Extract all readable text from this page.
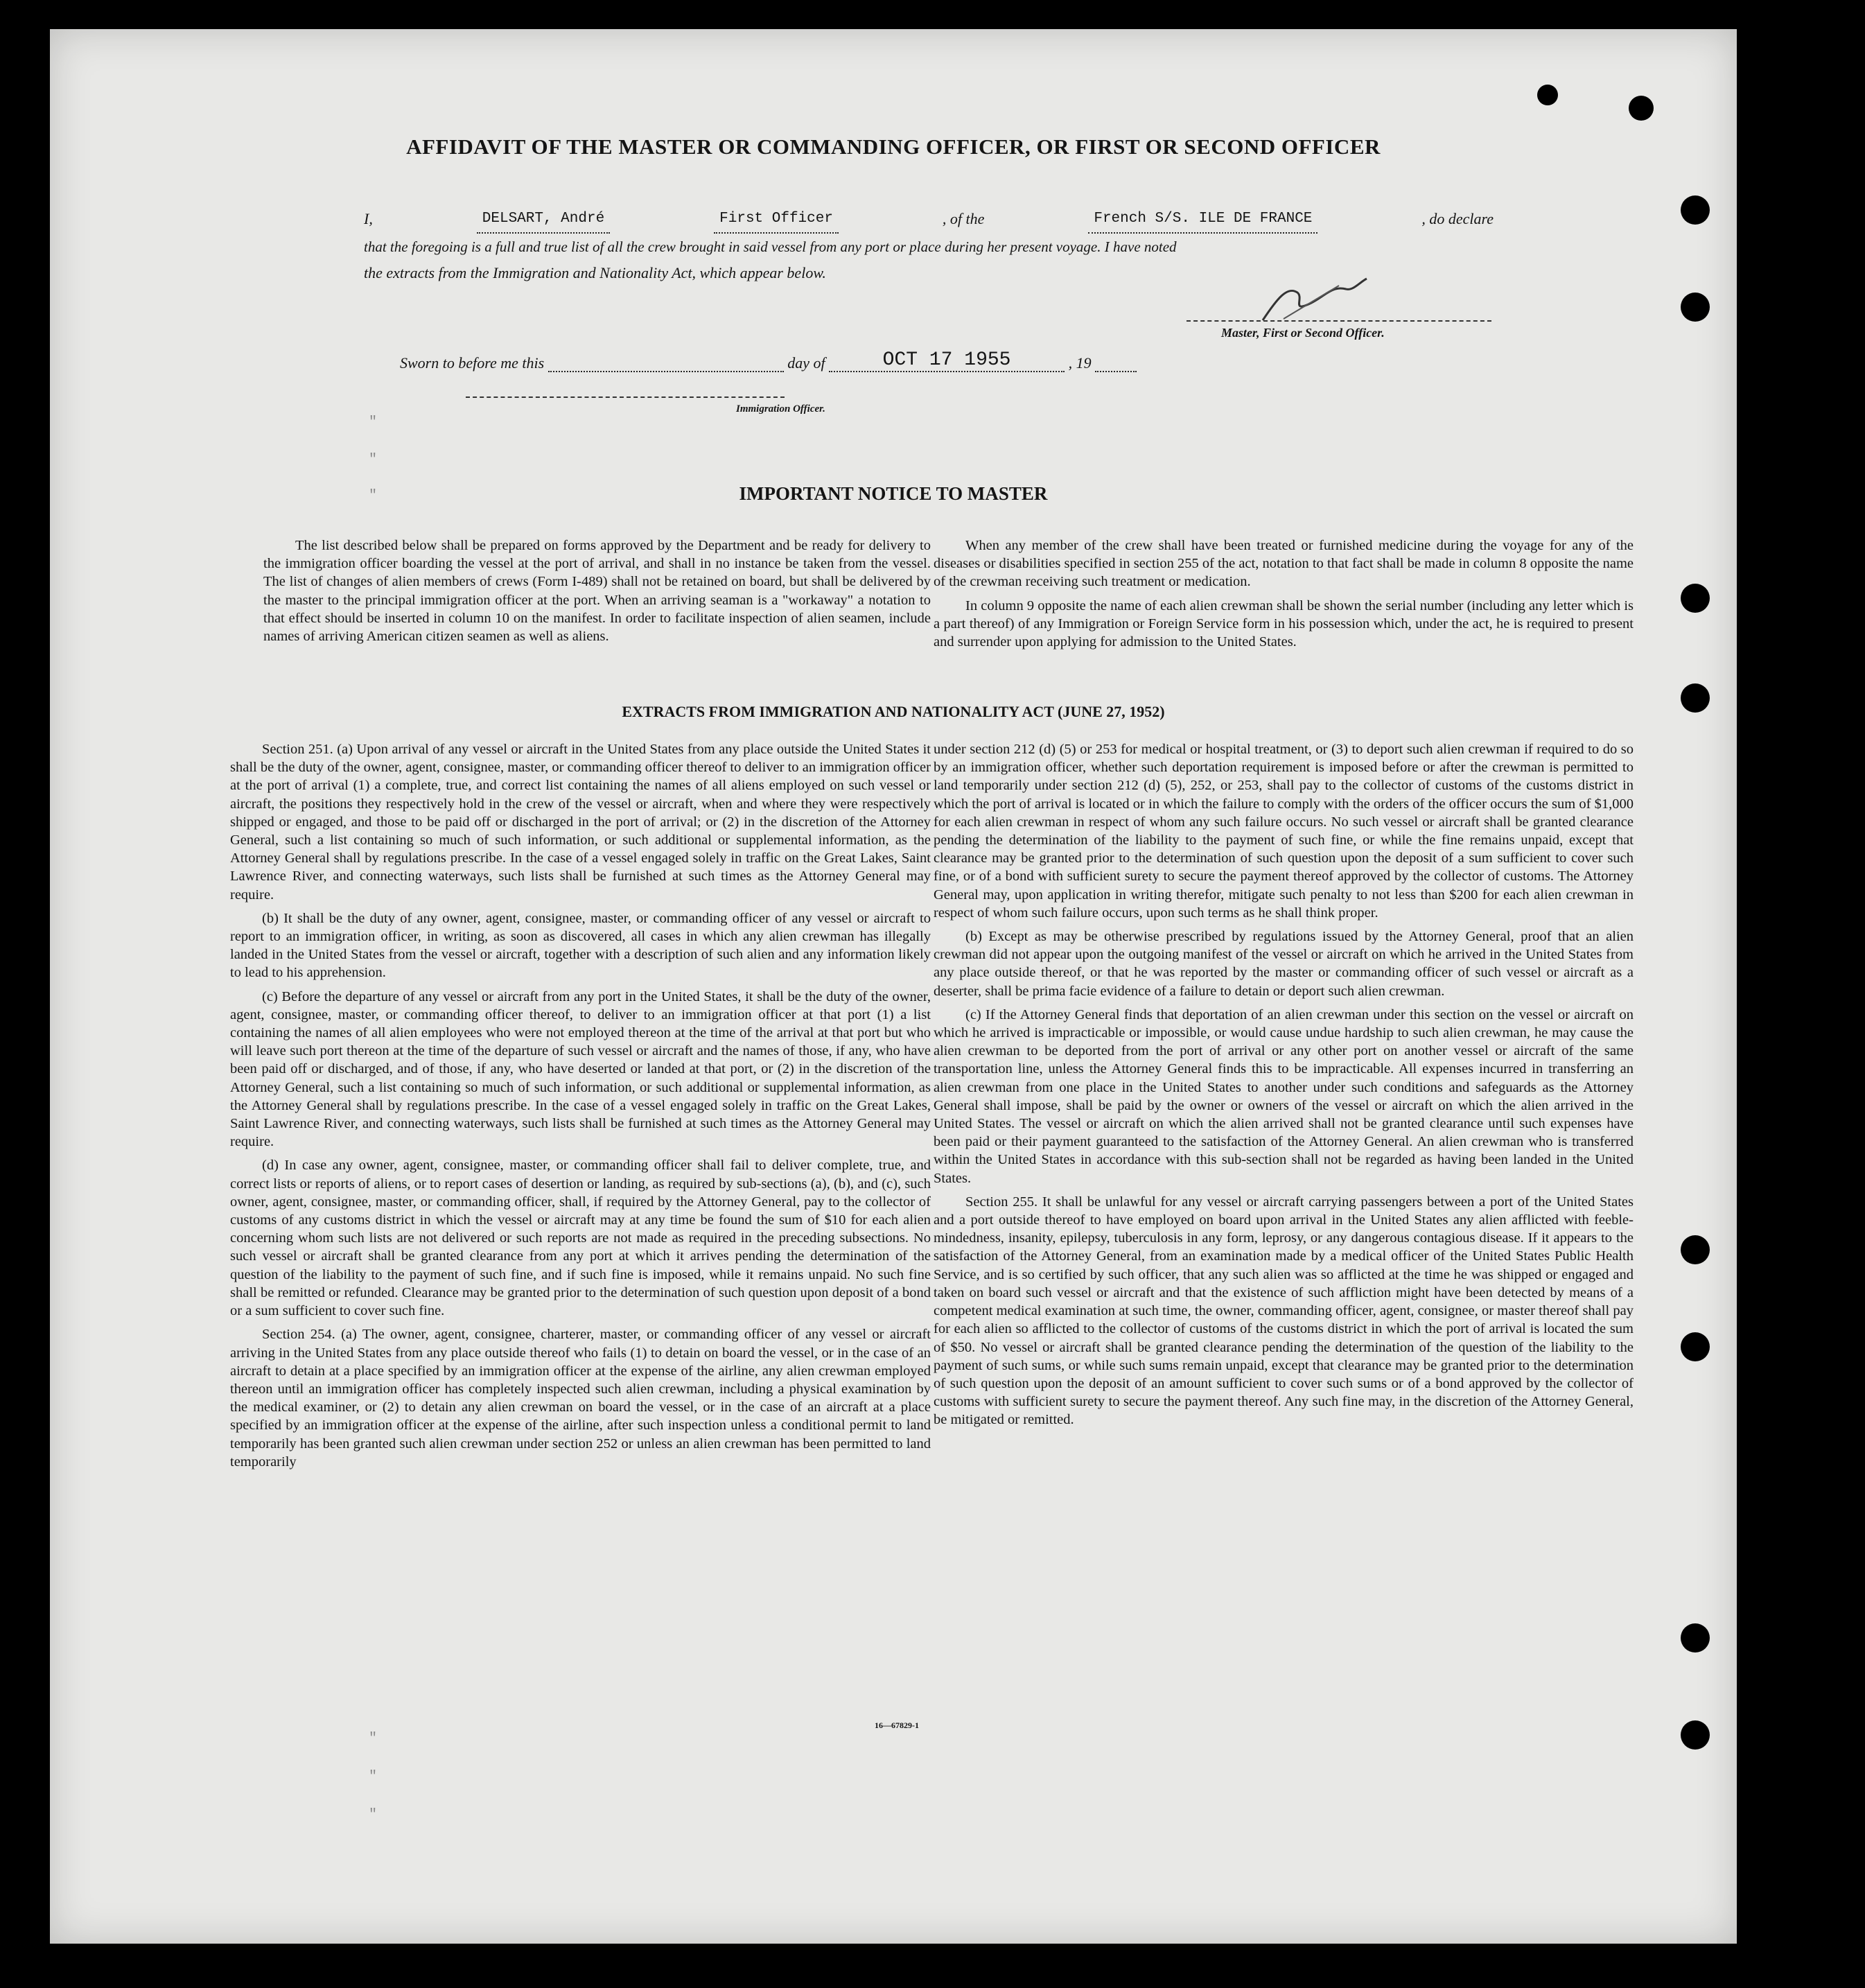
AFFIDAVIT OF THE MASTER OR COMMANDING OFFICER, OR FIRST OR SECOND OFFICER
I,	DELSART, André	First Officer	, of the	French S/S. ILE DE FRANCE	, do declare
that the foregoing is a full and true list of all the crew brought in said vessel from any port or place during her present voyage. I have noted
the extracts from the Immigration and Nationality Act, which appear below.
Master, First or Second Officer.
Sworn to before me this	day of	OCT 17 1955	, 19
Immigration Officer.
"
"
"
"
"
"
IMPORTANT NOTICE TO MASTER

The list described below shall be prepared on forms approved by the Department and be ready for delivery to the immigration officer boarding the vessel at the port of arrival, and shall in no instance be taken from the vessel. The list of changes of alien members of crews (Form I-489) shall not be retained on board, but shall be delivered by the master to the principal immigration officer at the port. When an arriving seaman is a "workaway" a notation to that effect should be inserted in column 10 on the manifest. In order to facilitate inspection of alien seamen, include names of arriving American citizen seamen as well as aliens.

When any member of the crew shall have been treated or furnished medicine during the voyage for any of the diseases or disabilities specified in section 255 of the act, notation to that fact shall be made in column 8 opposite the name of the crewman receiving such treatment or medication.

In column 9 opposite the name of each alien crewman shall be shown the serial number (including any letter which is a part thereof) of any Immigration or Foreign Service form in his possession which, under the act, he is required to present and surrender upon applying for admission to the United States.

EXTRACTS FROM IMMIGRATION AND NATIONALITY ACT (JUNE 27, 1952)

Section 251. (a) Upon arrival of any vessel or aircraft in the United States from any place outside the United States it shall be the duty of the owner, agent, consignee, master, or commanding officer thereof to deliver to an immigration officer at the port of arrival (1) a complete, true, and correct list containing the names of all aliens employed on such vessel or aircraft, the positions they respectively hold in the crew of the vessel or aircraft, when and where they were respectively shipped or engaged, and those to be paid off or discharged in the port of arrival; or (2) in the discretion of the Attorney General, such a list containing so much of such information, or such additional or supplemental information, as the Attorney General shall by regulations prescribe. In the case of a vessel engaged solely in traffic on the Great Lakes, Saint Lawrence River, and connecting waterways, such lists shall be furnished at such times as the Attorney General may require.

(b) It shall be the duty of any owner, agent, consignee, master, or commanding officer of any vessel or aircraft to report to an immigration officer, in writing, as soon as discovered, all cases in which any alien crewman has illegally landed in the United States from the vessel or aircraft, together with a description of such alien and any information likely to lead to his apprehension.

(c) Before the departure of any vessel or aircraft from any port in the United States, it shall be the duty of the owner, agent, consignee, master, or commanding officer thereof, to deliver to an immigration officer at that port (1) a list containing the names of all alien employees who were not employed thereon at the time of the arrival at that port but who will leave such port thereon at the time of the departure of such vessel or aircraft and the names of those, if any, who have been paid off or discharged, and of those, if any, who have deserted or landed at that port, or (2) in the discretion of the Attorney General, such a list containing so much of such information, or such additional or supplemental information, as the Attorney General shall by regulations prescribe. In the case of a vessel engaged solely in traffic on the Great Lakes, Saint Lawrence River, and connecting waterways, such lists shall be furnished at such times as the Attorney General may require.

(d) In case any owner, agent, consignee, master, or commanding officer shall fail to deliver complete, true, and correct lists or reports of aliens, or to report cases of desertion or landing, as required by sub-sections (a), (b), and (c), such owner, agent, consignee, master, or commanding officer, shall, if required by the Attorney General, pay to the collector of customs of any customs district in which the vessel or aircraft may at any time be found the sum of $10 for each alien concerning whom such lists are not delivered or such reports are not made as required in the preceding subsections. No such vessel or aircraft shall be granted clearance from any port at which it arrives pending the determination of the question of the liability to the payment of such fine, and if such fine is imposed, while it remains unpaid. No such fine shall be remitted or refunded. Clearance may be granted prior to the determination of such question upon deposit of a bond or a sum sufficient to cover such fine.

Section 254. (a) The owner, agent, consignee, charterer, master, or commanding officer of any vessel or aircraft arriving in the United States from any place outside thereof who fails (1) to detain on board the vessel, or in the case of an aircraft to detain at a place specified by an immigration officer at the expense of the airline, any alien crewman employed thereon until an immigration officer has completely inspected such alien crewman, including a physical examination by the medical examiner, or (2) to detain any alien crewman on board the vessel, or in the case of an aircraft at a place specified by an immigration officer at the expense of the airline, after such inspection unless a conditional permit to land temporarily has been granted such alien crewman under section 252 or unless an alien crewman has been permitted to land temporarily

under section 212 (d) (5) or 253 for medical or hospital treatment, or (3) to deport such alien crewman if required to do so by an immigration officer, whether such deportation requirement is imposed before or after the crewman is permitted to land temporarily under section 212 (d) (5), 252, or 253, shall pay to the collector of customs of the customs district in which the port of arrival is located or in which the failure to comply with the orders of the officer occurs the sum of $1,000 for each alien crewman in respect of whom any such failure occurs. No such vessel or aircraft shall be granted clearance pending the determination of the liability to the payment of such fine, or while the fine remains unpaid, except that clearance may be granted prior to the determination of such question upon the deposit of a sum sufficient to cover such fine, or of a bond with sufficient surety to secure the payment thereof approved by the collector of customs. The Attorney General may, upon application in writing therefor, mitigate such penalty to not less than $200 for each alien crewman in respect of whom such failure occurs, upon such terms as he shall think proper.

(b) Except as may be otherwise prescribed by regulations issued by the Attorney General, proof that an alien crewman did not appear upon the outgoing manifest of the vessel or aircraft on which he arrived in the United States from any place outside thereof, or that he was reported by the master or commanding officer of such vessel or aircraft as a deserter, shall be prima facie evidence of a failure to detain or deport such alien crewman.

(c) If the Attorney General finds that deportation of an alien crewman under this section on the vessel or aircraft on which he arrived is impracticable or impossible, or would cause undue hardship to such alien crewman, he may cause the alien crewman to be deported from the port of arrival or any other port on another vessel or aircraft of the same transportation line, unless the Attorney General finds this to be impracticable. All expenses incurred in transferring an alien crewman from one place in the United States to another under such conditions and safeguards as the Attorney General shall impose, shall be paid by the owner or owners of the vessel or aircraft on which the alien arrived in the United States. The vessel or aircraft on which the alien arrived shall not be granted clearance until such expenses have been paid or their payment guaranteed to the satisfaction of the Attorney General. An alien crewman who is transferred within the United States in accordance with this sub-section shall not be regarded as having been landed in the United States.

Section 255. It shall be unlawful for any vessel or aircraft carrying passengers between a port of the United States and a port outside thereof to have employed on board upon arrival in the United States any alien afflicted with feeble-mindedness, insanity, epilepsy, tuberculosis in any form, leprosy, or any dangerous contagious disease. If it appears to the satisfaction of the Attorney General, from an examination made by a medical officer of the United States Public Health Service, and is so certified by such officer, that any such alien was so afflicted at the time he was shipped or engaged and taken on board such vessel or aircraft and that the existence of such affliction might have been detected by means of a competent medical examination at such time, the owner, commanding officer, agent, consignee, or master thereof shall pay for each alien so afflicted to the collector of customs of the customs district in which the port of arrival is located the sum of $50. No vessel or aircraft shall be granted clearance pending the determination of the question of the liability to the payment of such sums, or while such sums remain unpaid, except that clearance may be granted prior to the determination of such question upon the deposit of an amount sufficient to cover such sums or of a bond approved by the collector of customs with sufficient surety to secure the payment thereof. Any such fine may, in the discretion of the Attorney General, be mitigated or remitted.

16—67829-1
